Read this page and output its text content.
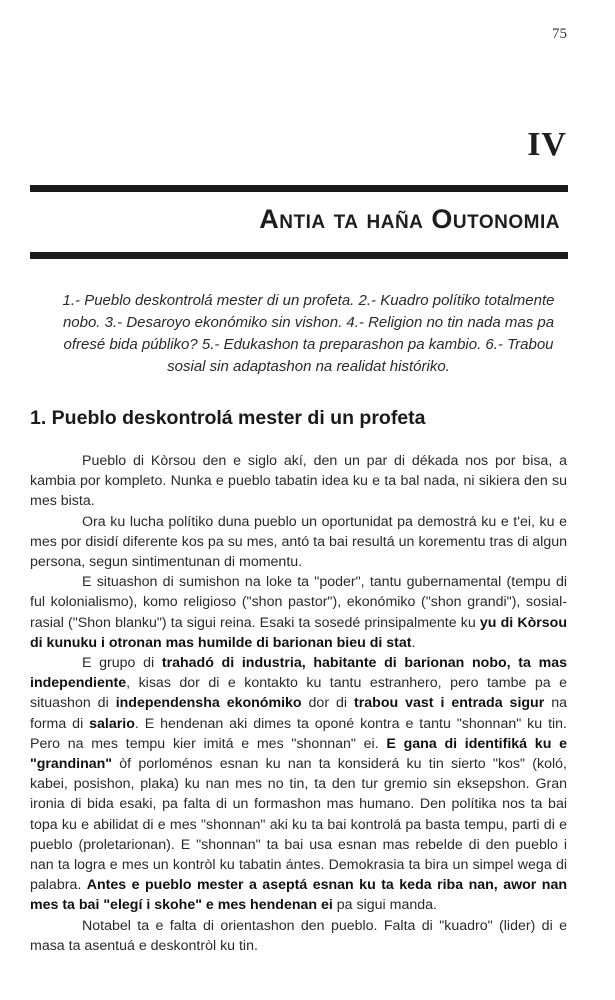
75
IV
Antia ta haña Outonomia
1.- Pueblo deskontrolá mester di un profeta. 2.- Kuadro polítiko totalmente nobo. 3.- Desaroyo ekonómiko sin vishon. 4.- Religion no tin nada mas pa ofresé bida públiko? 5.- Edukashon ta preparashon pa kambio. 6.- Trabou sosial sin adaptashon na realidat históriko.
1. Pueblo deskontrolá mester di un profeta

Pueblo di Kòrsou den e siglo akí, den un par di dékada nos por bisa, a kambia por kompleto. Nunka e pueblo tabatin idea ku e ta bal nada, ni sikiera den su mes bista.

Ora ku lucha polítiko duna pueblo un oportunidat pa demostrá ku e t'ei, ku e mes por disidí diferente kos pa su mes, antó ta bai resultá un korementu tras di algun persona, segun sintimentunan di momentu.

E situashon di sumishon na loke ta "poder", tantu gubernamental (tempu di ful kolonialismo), komo religioso ("shon pastor"), ekonómiko ("shon grandi"), sosial-rasial ("Shon blanku") ta sigui reina. Esaki ta sosedé prinsipalmente ku yu di Kòrsou di kunuku i otronan mas humilde di barionan bieu di stat.

E grupo di trahadó di industria, habitante di barionan nobo, ta mas independiente, kisas dor di e kontakto ku tantu estranhero, pero tambe pa e situashon di independensha ekonómiko dor di trabou vast i entrada sigur na forma di salario. E hendenan aki dimes ta oponé kontra e tantu "shonnan" ku tin. Pero na mes tempu kier imitá e mes "shonnan" ei. E gana di identifiká ku e "grandinan" òf porloménos esnan ku nan ta konsiderá ku tin sierto "kos" (koló, kabei, posishon, plaka) ku nan mes no tin, ta den tur gremio sin eksepshon. Gran ironia di bida esaki, pa falta di un formashon mas humano. Den polítika nos ta bai topa ku e abilidat di e mes "shonnan" aki ku ta bai kontrolá pa basta tempu, parti di e pueblo (proletarionan). E "shonnan" ta bai usa esnan mas rebelde di den pueblo i nan ta logra e mes un kontròl ku tabatin ántes. Demokrasia ta bira un simpel wega di palabra. Antes e pueblo mester a aseptá esnan ku ta keda riba nan, awor nan mes ta bai "elegí i skohe" e mes hendenan ei pa sigui manda.

Notabel ta e falta di orientashon den pueblo. Falta di "kuadro" (lider) di e masa ta asentuá e deskontròl ku tin.
